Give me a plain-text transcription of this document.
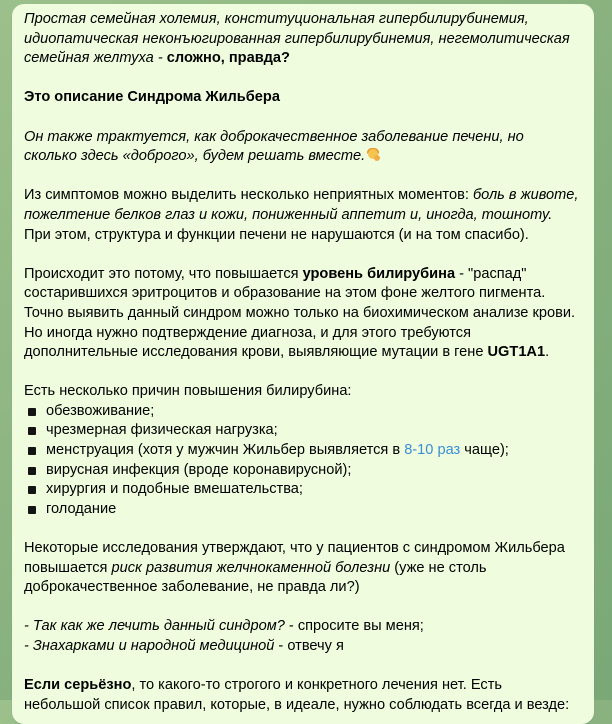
Простая семейная холемия, конституциональная гипербилирубинемия, идиопатическая неконъюгированная гипербилирубинемия, негемолитическая семейная желтуха - сложно, правда?

Это описание Синдрома Жильбера

Он также трактуется, как доброкачественное заболевание печени, но сколько здесь «доброго», будем решать вместе.

Из симптомов можно выделить несколько неприятных моментов: боль в животе, пожелтение белков глаз и кожи, пониженный аппетит и, иногда, тошноту. При этом, структура и функции печени не нарушаются (и на том спасибо).

Происходит это потому, что повышается уровень билирубина - "распад" состарившихся эритроцитов и образование на этом фоне желтого пигмента. Точно выявить данный синдром можно только на биохимическом анализе крови. Но иногда нужно подтверждение диагноза, и для этого требуются дополнительные исследования крови, выявляющие мутации в гене UGT1A1.

Есть несколько причин повышения билирубина:
обезвоживание;
чрезмерная физическая нагрузка;
менструация (хотя у мужчин Жильбер выявляется в 8-10 раз чаще);
вирусная инфекция (вроде коронавирусной);
хирургия и подобные вмешательства;
голодание

Некоторые исследования утверждают, что у пациентов с синдромом Жильбера повышается риск развития желчнокаменной болезни (уже не столь доброкачественное заболевание, не правда ли?)

- Так как же лечить данный синдром? - спросите вы меня;
- Знахарками и народной медициной - отвечу я

Если серьёзно, то какого-то строгого и конкретного лечения нет. Есть небольшой список правил, которые, в идеале, нужно соблюдать всегда и везде:
